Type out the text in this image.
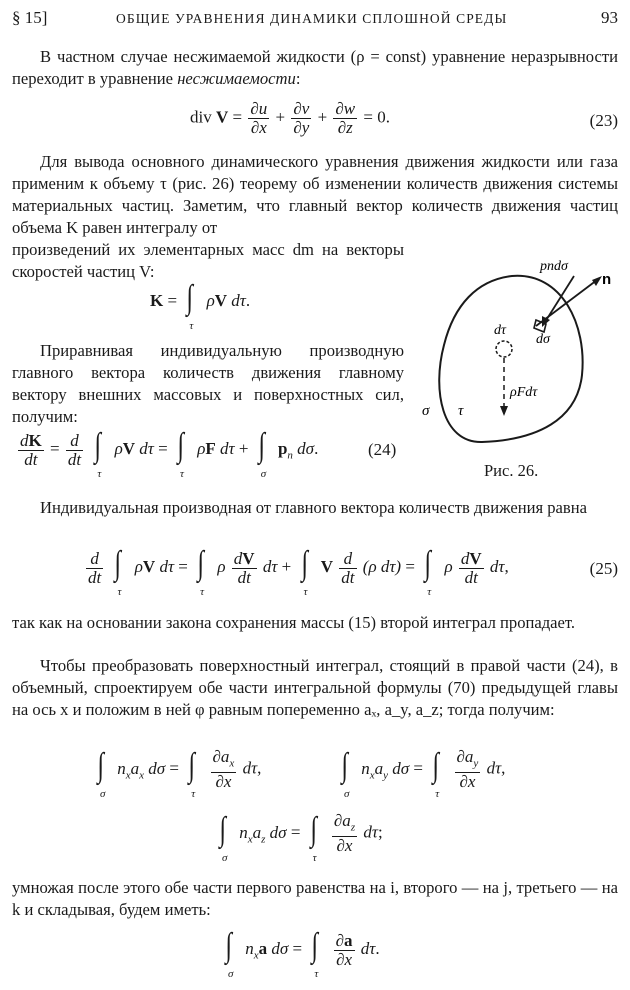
§ 15]	ОБЩИЕ УРАВНЕНИЯ ДИНАМИКИ СПЛОШНОЙ СРЕДЫ	93

В частном случае несжимаемой жидкости (ρ = const) уравнение неразрывности переходит в уравнение несжимаемости:

div $V = \frac{\partial u}{\partial x} + \frac{\partial v}{\partial y} + \frac{\partial w}{\partial z} = 0$.	(23)

Для вывода основного динамического уравнения движения жидкости или газа применим к объему τ (рис. 26) теорему об изменении количеств движения системы материальных частиц. Заметим, что главный вектор количеств движения частиц объема K равен интегралу от

произведений их элементарных масс dm на векторы скоростей частиц V:

K = ∫
τ
ρV dτ.

Приравнивая индивидуальную производную главного вектора количеств движения главному вектору внешних массовых и поверхностных сил, получим:

$\frac{dK}{dt} = \frac{d}{dt}$
∫
τ
ρV dτ = ∫
τ
ρF dτ + ∫
σ
$p_n$ dσ.	(24)
pndσ
n
dτ
dσ
ρFdτ
σ τ
Рис. 26.

Индивидуальная производная от главного вектора количеств движения равна

$\frac{d}{dt}$
∫
τ
ρV dτ = ∫
τ
ρ $\frac{dV}{dt}$ dτ + ∫
τ
V $\frac{d}{dt} (\rho$ dτ) = ∫
τ
ρ $\frac{dV}{dt} d\tau$,	(25)

так как на основании закона сохранения массы (15) второй интеграл пропадает.

Чтобы преобразовать поверхностный интеграл, стоящий в правой части (24), в объемный, спроектируем обе части интегральной формулы (70) предыдущей главы на ось x и положим в ней φ равным попеременно aₓ, a_y, a_z; тогда получим:

∫
σ
$n_xa_x$ dσ = ∫
τ

$\frac{\partial a_x}{\partial x} d\tau$, ∫
σ
$n_xa_y$ dσ = ∫
τ

$\frac{\partial a_y}{\partial x} d\tau$,
∫
σ
$n_xa_z$ dσ = ∫
τ

$\frac{\partial a_z}{\partial x} d\tau$;

умножая после этого обе части первого равенства на i, второго — на j, третьего — на k и складывая, будем иметь:

∫
σ
$n_xa$ dσ = ∫
τ

$\frac{\partial a}{\partial x} d\tau$.
